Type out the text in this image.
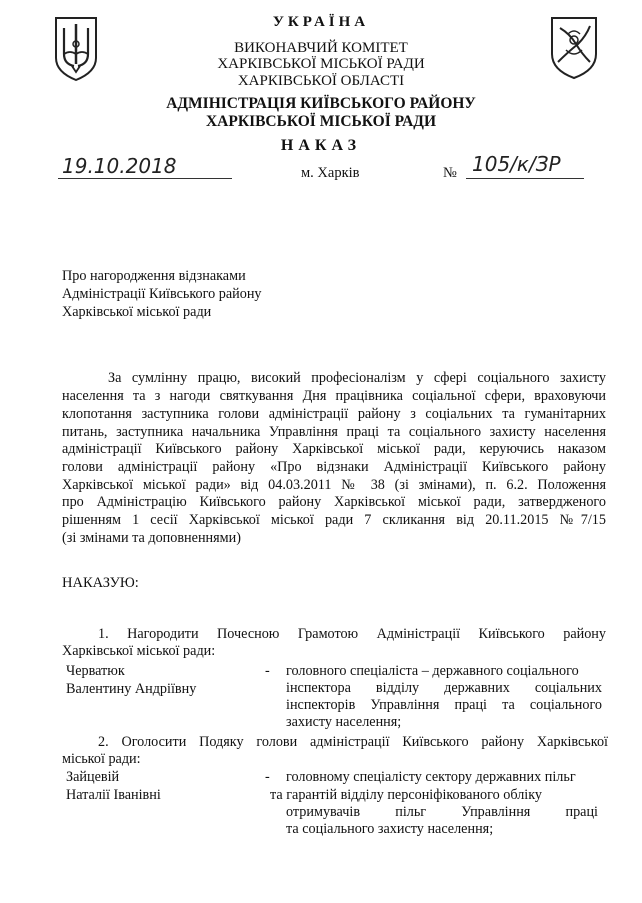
УКРАЇНА
ВИКОНАВЧИЙ КОМІТЕТ
ХАРКІВСЬКОЇ МІСЬКОЇ РАДИ
ХАРКІВСЬКОЇ ОБЛАСТІ
АДМІНІСТРАЦІЯ КИЇВСЬКОГО РАЙОНУ
ХАРКІВСЬКОЇ МІСЬКОЇ РАДИ
НАКАЗ
19.10.2018	м. Харків	№ 105/к/ЗР
Про нагородження відзнаками
Адміністрації Київського району
Харківської міської ради
За сумлінну працю, високий професіоналізм у сфері соціального захисту
населення та з нагоди святкування Дня працівника соціальної сфери, враховуючи
клопотання заступника голови адміністрації району з соціальних та гуманітарних
питань, заступника начальника Управління праці та соціального захисту населення
адміністрації Київського району Харківської міської ради, керуючись наказом
голови адміністрації району «Про відзнаки Адміністрації Київського району
Харківської міської ради» від 04.03.2011 № 38 (зі змінами), п. 6.2. Положення
про Адміністрацію Київського району Харківської міської ради, затвердженого
рішенням 1 сесії Харківської міської ради 7 скликання від 20.11.2015 №7/15
(зі змінами та доповненнями)
НАКАЗУЮ:
1. Нагородити Почесною Грамотою Адміністрації Київського району
Харківської міської ради:
Черватюк
Валентину Андріївну
- головного спеціаліста – державного соціального
інспектора відділу державних соціальних
інспекторів Управління праці та соціального
захисту населення;
2. Оголосити Подяку голови адміністрації Київського району Харківської
міської ради:
Зайцевій
Наталії Іванівні
- головному спеціалісту сектору державних пільг
та гарантій відділу персоніфікованого обліку
отримувачів пільг Управління праці
та соціального захисту населення;
